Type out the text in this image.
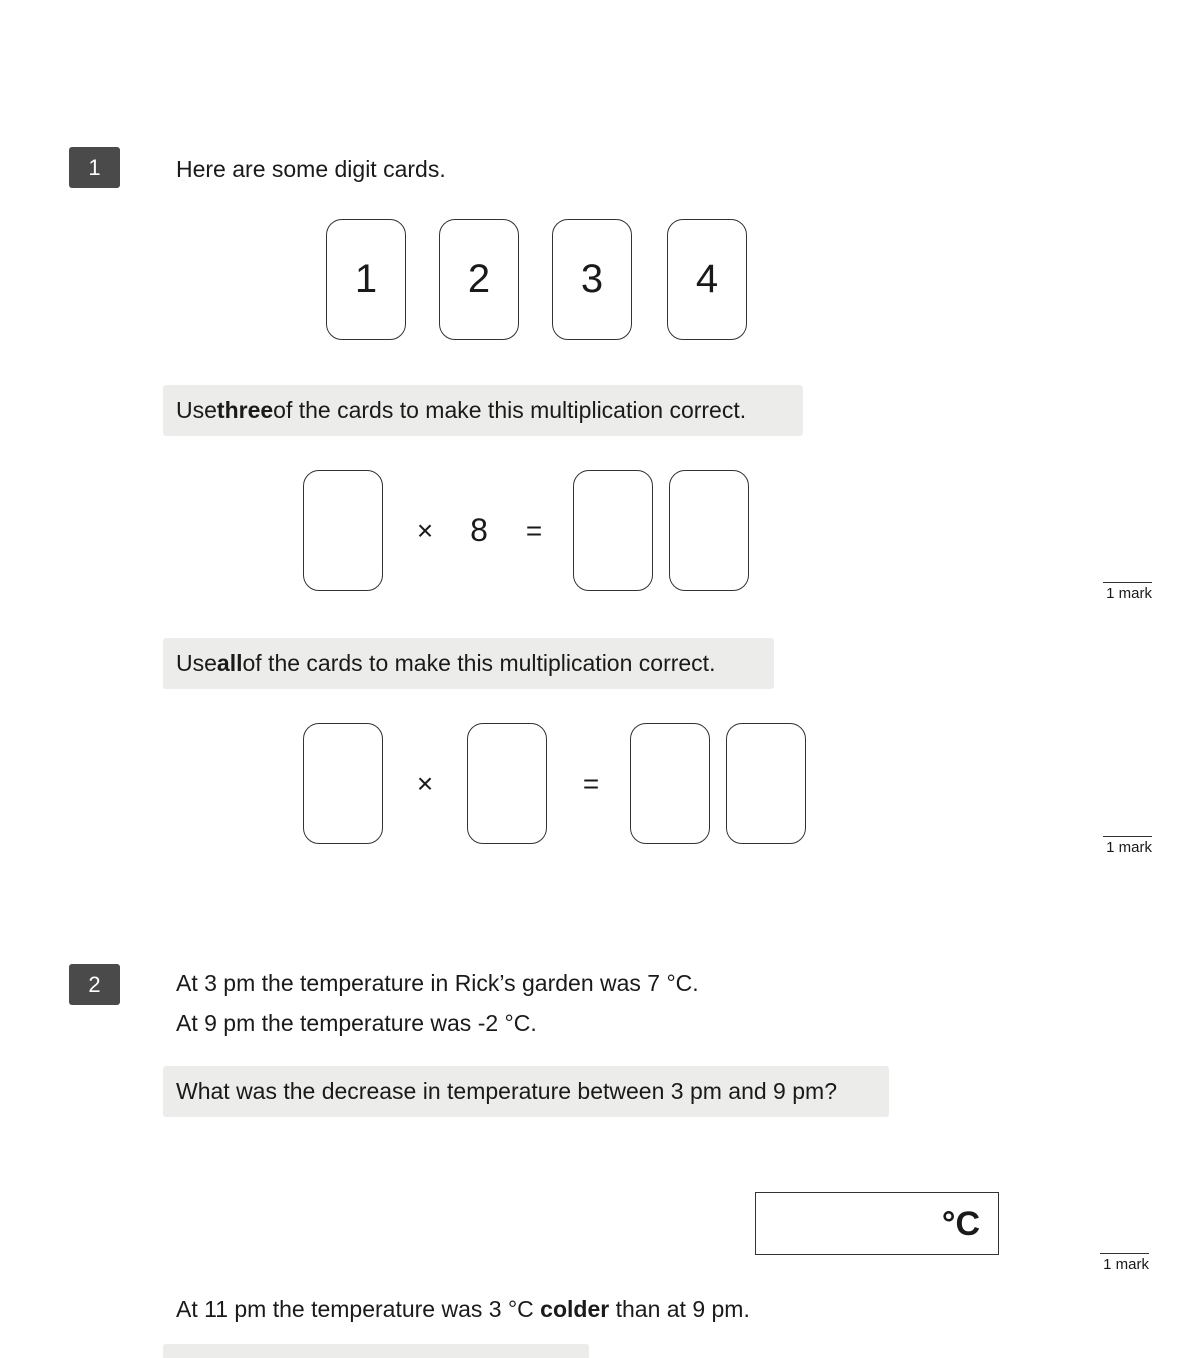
1	Here are some digit cards.
1	2	3	4
Use three of the cards to make this multiplication correct.
× 8 =
1 mark
Use all of the cards to make this multiplication correct.
×	=
1 mark
2	At 3 pm the temperature in Rick’s garden was 7 °C.
At 9 pm the temperature was -2 °C.
What was the decrease in temperature between 3 pm and 9 pm?
°C
1 mark
At 11 pm the temperature was 3 °C colder than at 9 pm.
